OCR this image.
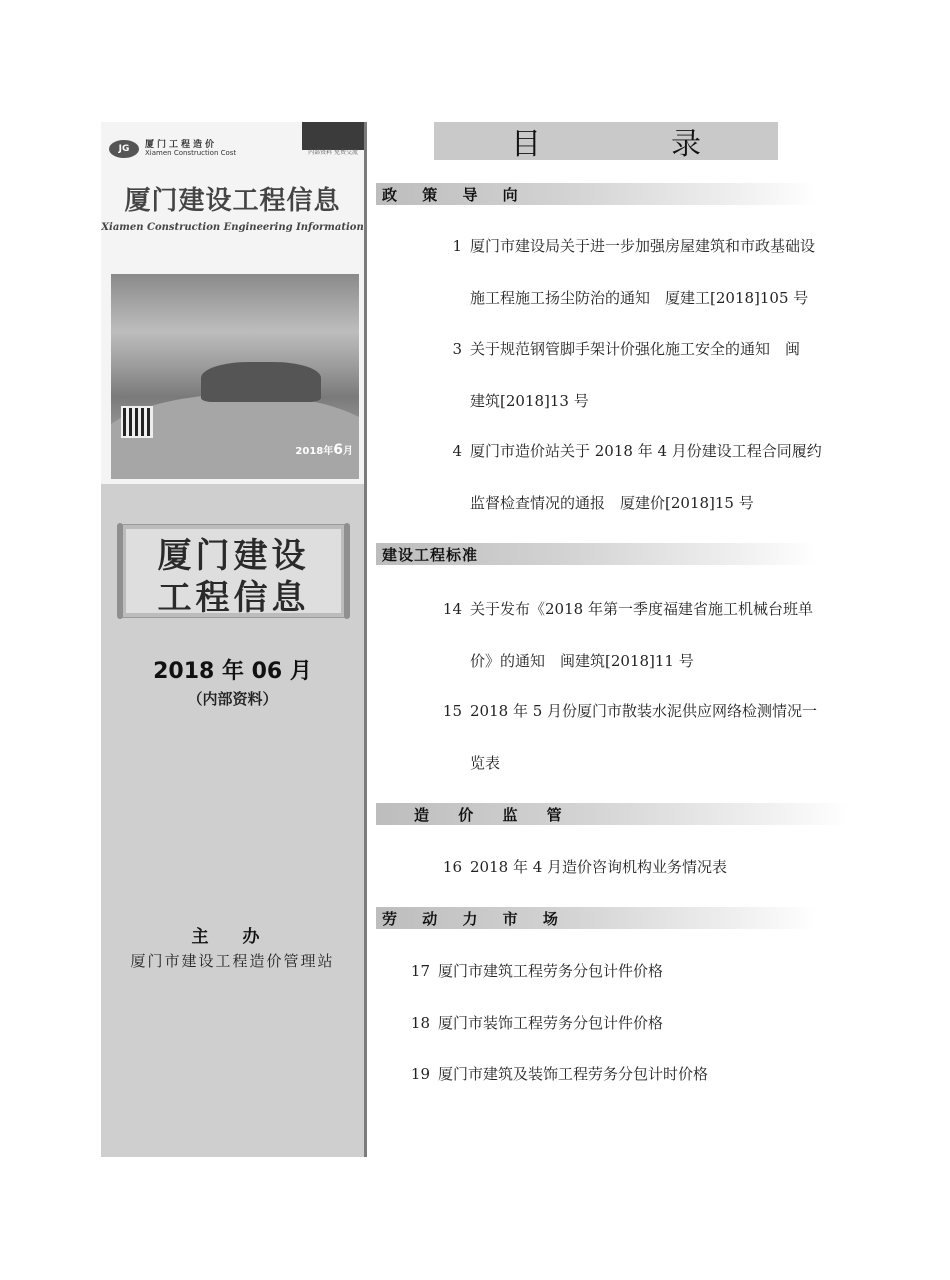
JG	厦门工程造价
Xiamen Construction Cost	内部资料 免费交流
厦门建设工程信息
Xiamen Construction Engineering Information
2018年6月
厦门建设
工程信息
2018 年 06 月
（内部资料）
主 办
厦门市建设工程造价管理站
目	录
政 策 导 向
1 厦门市建设局关于进一步加强房屋建筑和市政基础设
施工程施工扬尘防治的通知　厦建工[2018]105 号
3 关于规范钢管脚手架计价强化施工安全的通知　闽
建筑[2018]13 号
4 厦门市造价站关于 2018 年 4 月份建设工程合同履约
监督检查情况的通报　厦建价[2018]15 号
建设工程标准
14 关于发布《2018 年第一季度福建省施工机械台班单
价》的通知　闽建筑[2018]11 号
15 2018 年 5 月份厦门市散装水泥供应网络检测情况一
览表
造 价 监 管
16 2018 年 4 月造价咨询机构业务情况表
劳 动 力 市 场
17 厦门市建筑工程劳务分包计件价格
18 厦门市装饰工程劳务分包计件价格
19 厦门市建筑及装饰工程劳务分包计时价格
